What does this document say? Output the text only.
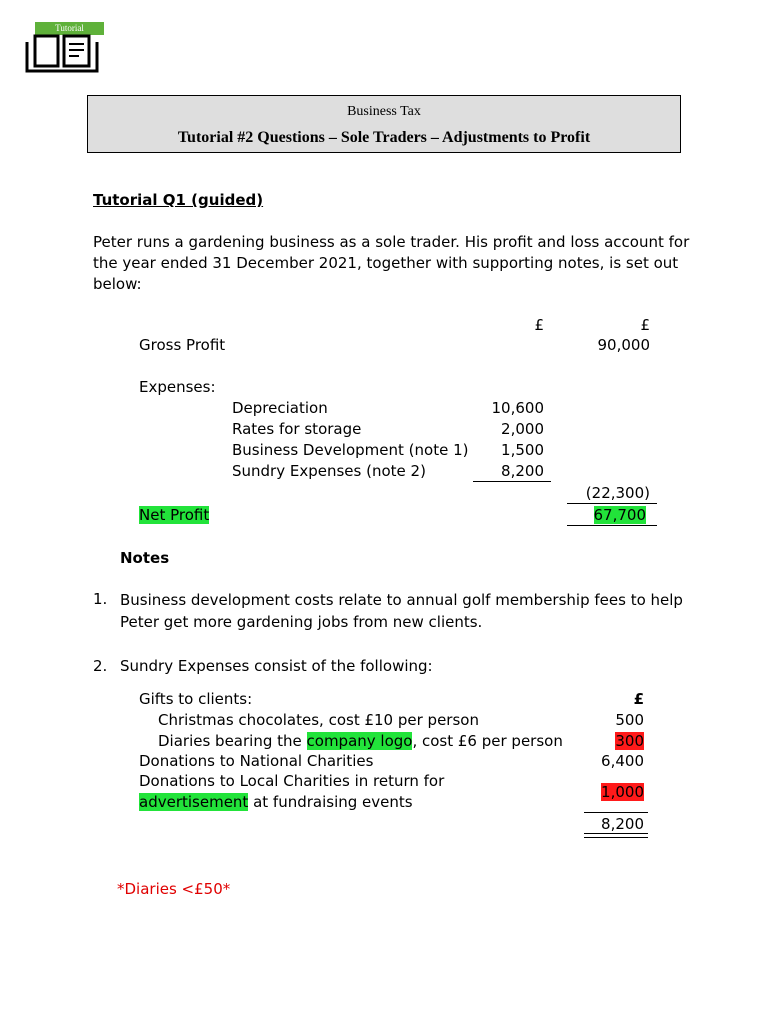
Tutorial
Business Tax
Tutorial #2 Questions – Sole Traders – Adjustments to Profit
Tutorial Q1 (guided)
Peter runs a gardening business as a sole trader. His profit and loss account for
the year ended 31 December 2021, together with supporting notes, is set out
below:
£	£
Gross Profit	90,000
Expenses:
Depreciation	10,600
Rates for storage	2,000
Business Development (note 1)	1,500
Sundry Expenses (note 2)	8,200
(22,300)
Net Profit	67,700
Notes
1. Business development costs relate to annual golf membership fees to help
Peter get more gardening jobs from new clients.
2. Sundry Expenses consist of the following:
Gifts to clients:	£
Christmas chocolates, cost £10 per person	500
Diaries bearing the company logo, cost £6 per person	300
Donations to National Charities	6,400
Donations to Local Charities in return for
advertisement at fundraising events
1,000
8,200
*Diaries <£50*
